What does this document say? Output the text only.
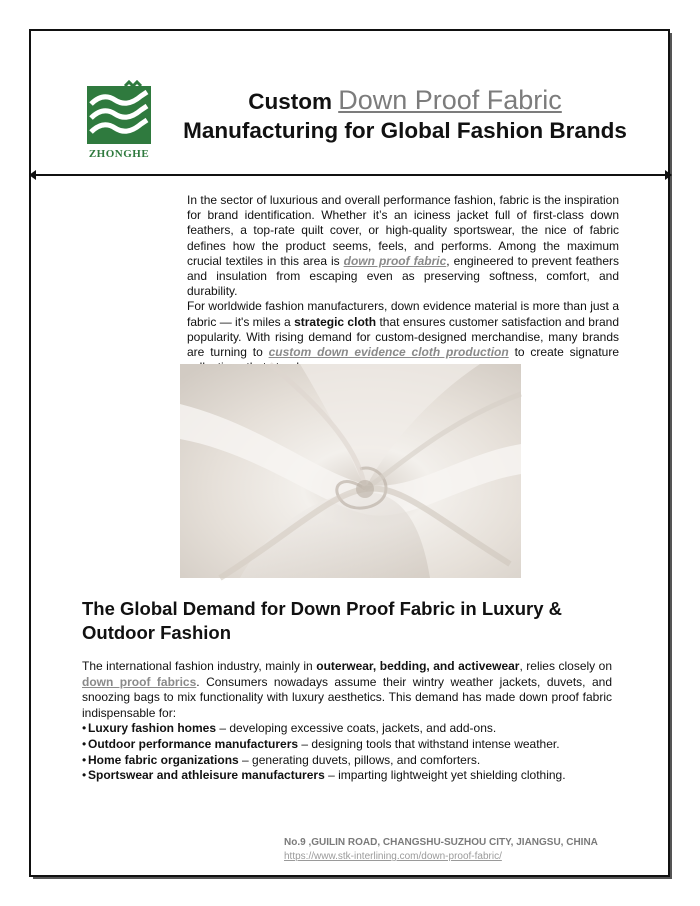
ZHONGHE
Custom Down Proof Fabric
Manufacturing for Global Fashion Brands

In the sector of luxurious and overall performance fashion, fabric is the inspiration for brand identification. Whether it’s an iciness jacket full of first-class down feathers, a top-rate quilt cover, or high-quality sportswear, the nice of fabric defines how the product seems, feels, and performs. Among the maximum crucial textiles in this area is down proof fabric, engineered to prevent feathers and insulation from escaping even as preserving softness, comfort, and durability.

For worldwide fashion manufacturers, down evidence material is more than just a fabric — it's miles a strategic cloth that ensures customer satisfaction and brand popularity. With rising demand for custom-designed merchandise, many brands are turning to custom down evidence cloth production to create signature

The Global Demand for Down Proof Fabric in Luxury & Outdoor Fashion

The international fashion industry, mainly in outerwear, bedding, and activewear, relies closely on down proof fabrics. Consumers nowadays assume their wintry weather jackets, duvets, and snoozing bags to mix functionality with luxury aesthetics. This demand has made down proof fabric indispensable for:

• Luxury fashion homes – developing excessive coats, jackets, and add-ons.
• Outdoor performance manufacturers – designing tools that withstand intense weather.
• Home fabric organizations – generating duvets, pillows, and comforters.
• Sportswear and athleisure manufacturers – imparting lightweight yet shielding clothing.
No.9 ,GUILIN ROAD, CHANGSHU-SUZHOU CITY, JIANGSU, CHINA
https://www.stk-interlining.com/down-proof-fabric/
